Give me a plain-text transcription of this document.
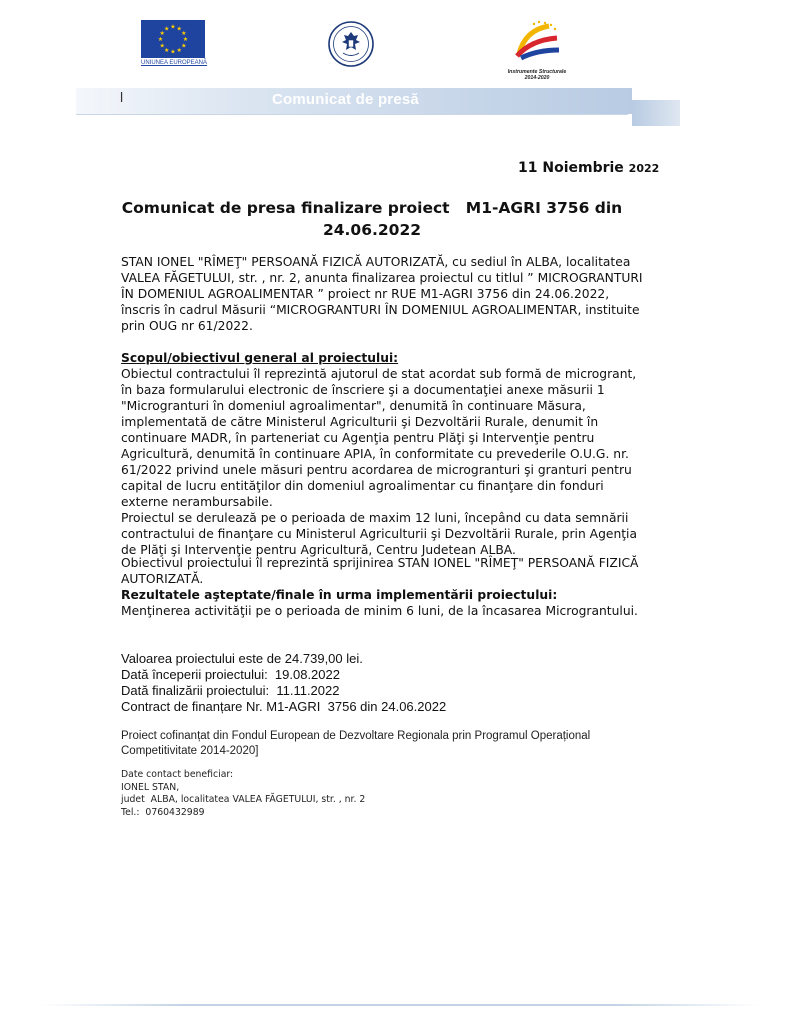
★
★
★
★
★
★
★
★
★ ★ ★
★
UNIUNEA EUROPEANĂ
Instrumente Structurale
2014-2020
l	Comunicat de presă
11 Noiembrie 2022
Comunicat de presa finalizare proiect   M1-AGRI 3756 din
24.06.2022

STAN IONEL "RÎMEŢ" PERSOANĂ FIZICĂ AUTORIZATĂ, cu sediul în ALBA, localitatea VALEA FĂGETULUI, str. , nr. 2, anunta finalizarea proiectul cu titlul ” MICROGRANTURI ÎN DOMENIUL AGROALIMENTAR ” proiect nr RUE M1-AGRI 3756 din 24.06.2022, înscris în cadrul Măsurii “MICROGRANTURI ÎN DOMENIUL AGROALIMENTAR, instituite prin OUG nr 61/2022.

Scopul/obiectivul general al proiectului:

Obiectul contractului îl reprezintă ajutorul de stat acordat sub formă de microgrant, în baza formularului electronic de înscriere şi a documentaţiei anexe măsurii 1 "Microgranturi în domeniul agroalimentar", denumită în continuare Măsura, implementată de către Ministerul Agriculturii şi Dezvoltării Rurale, denumit în continuare MADR, în parteneriat cu Agenţia pentru Plăţi şi Intervenţie pentru Agricultură, denumită în continuare APIA, în conformitate cu prevederile O.U.G. nr. 61/2022 privind unele măsuri pentru acordarea de microgranturi şi granturi pentru capital de lucru entităţilor din domeniul agroalimentar cu finanţare din fonduri externe nerambursabile.

Proiectul se derulează pe o perioada de maxim 12 luni, începând cu data semnării contractului de finanţare cu Ministerul Agriculturii şi Dezvoltării Rurale, prin Agenţia de Plăţi şi Intervenţie pentru Agricultură, Centru Judetean ALBA.

Obiectivul proiectului îl reprezintă sprijinirea STAN IONEL "RÎMEŢ" PERSOANĂ FIZICĂ AUTORIZATĂ.

Rezultatele aşteptate/finale în urma implementării proiectului:
Menţinerea activităţii pe o perioada de minim 6 luni, de la încasarea Micrograntului.
Valoarea proiectului este de 24.739,00 lei.
Dată începerii proiectului:  19.08.2022
Dată finalizării proiectului:  11.11.2022
Contract de finanțare Nr. M1-AGRI  3756 din 24.06.2022
Proiect cofinanțat din Fondul European de Dezvoltare Regionala prin Programul Operațional Competitivitate 2014-2020]
Date contact beneficiar:
IONEL STAN,
judet  ALBA, localitatea VALEA FĂGETULUI, str. , nr. 2
Tel.:  0760432989
